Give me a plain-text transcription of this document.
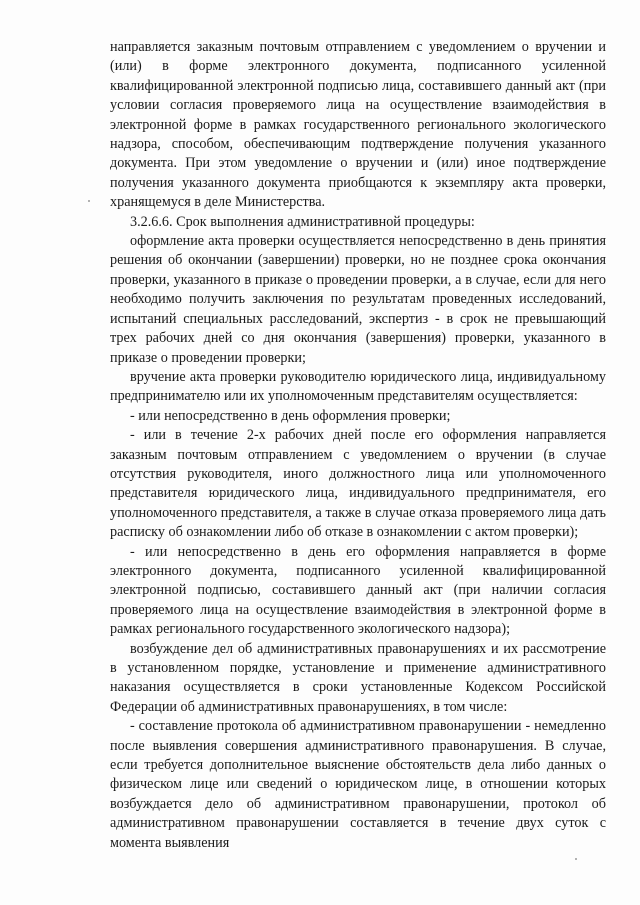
направляется заказным почтовым отправлением с уведомлением о вручении и (или) в форме электронного документа, подписанного усиленной квалифицированной электронной подписью лица, составившего данный акт (при условии согласия проверяемого лица на осуществление взаимодействия в электронной форме в рамках государственного регионального экологического надзора, способом, обеспечивающим подтверждение получения указанного документа. При этом уведомление о вручении и (или) иное подтверждение получения указанного документа приобщаются к экземпляру акта проверки, хранящемуся в деле Министерства.

3.2.6.6. Срок выполнения административной процедуры:

оформление акта проверки осуществляется непосредственно в день принятия решения об окончании (завершении) проверки, но не позднее срока окончания проверки, указанного в приказе о проведении проверки, а в случае, если для него необходимо получить заключения по результатам проведенных исследований, испытаний специальных расследований, экспертиз - в срок не превышающий трех рабочих дней со дня окончания (завершения) проверки, указанного в приказе о проведении проверки;

вручение акта проверки руководителю юридического лица, индивидуальному предпринимателю или их уполномоченным представителям осуществляется:

- или непосредственно в день оформления проверки;

- или в течение 2-х рабочих дней после его оформления направляется заказным почтовым отправлением с уведомлением о вручении (в случае отсутствия руководителя, иного должностного лица или уполномоченного представителя юридического лица, индивидуального предпринимателя, его уполномоченного представителя, а также в случае отказа проверяемого лица дать расписку об ознакомлении либо об отказе в ознакомлении с актом проверки);

- или непосредственно в день его оформления направляется в форме электронного документа, подписанного усиленной квалифицированной электронной подписью, составившего данный акт (при наличии согласия проверяемого лица на осуществление взаимодействия в электронной форме в рамках регионального государственного экологического надзора);

возбуждение дел об административных правонарушениях и их рассмотрение в установленном порядке, установление и применение административного наказания осуществляется в сроки установленные Кодексом Российской Федерации об административных правонарушениях, в том числе:

- составление протокола об административном правонарушении - немедленно после выявления совершения административного правонарушения. В случае, если требуется дополнительное выяснение обстоятельств дела либо данных о физическом лице или сведений о юридическом лице, в отношении которых возбуждается дело об административном правонарушении, протокол об административном правонарушении составляется в течение двух суток с момента выявления
